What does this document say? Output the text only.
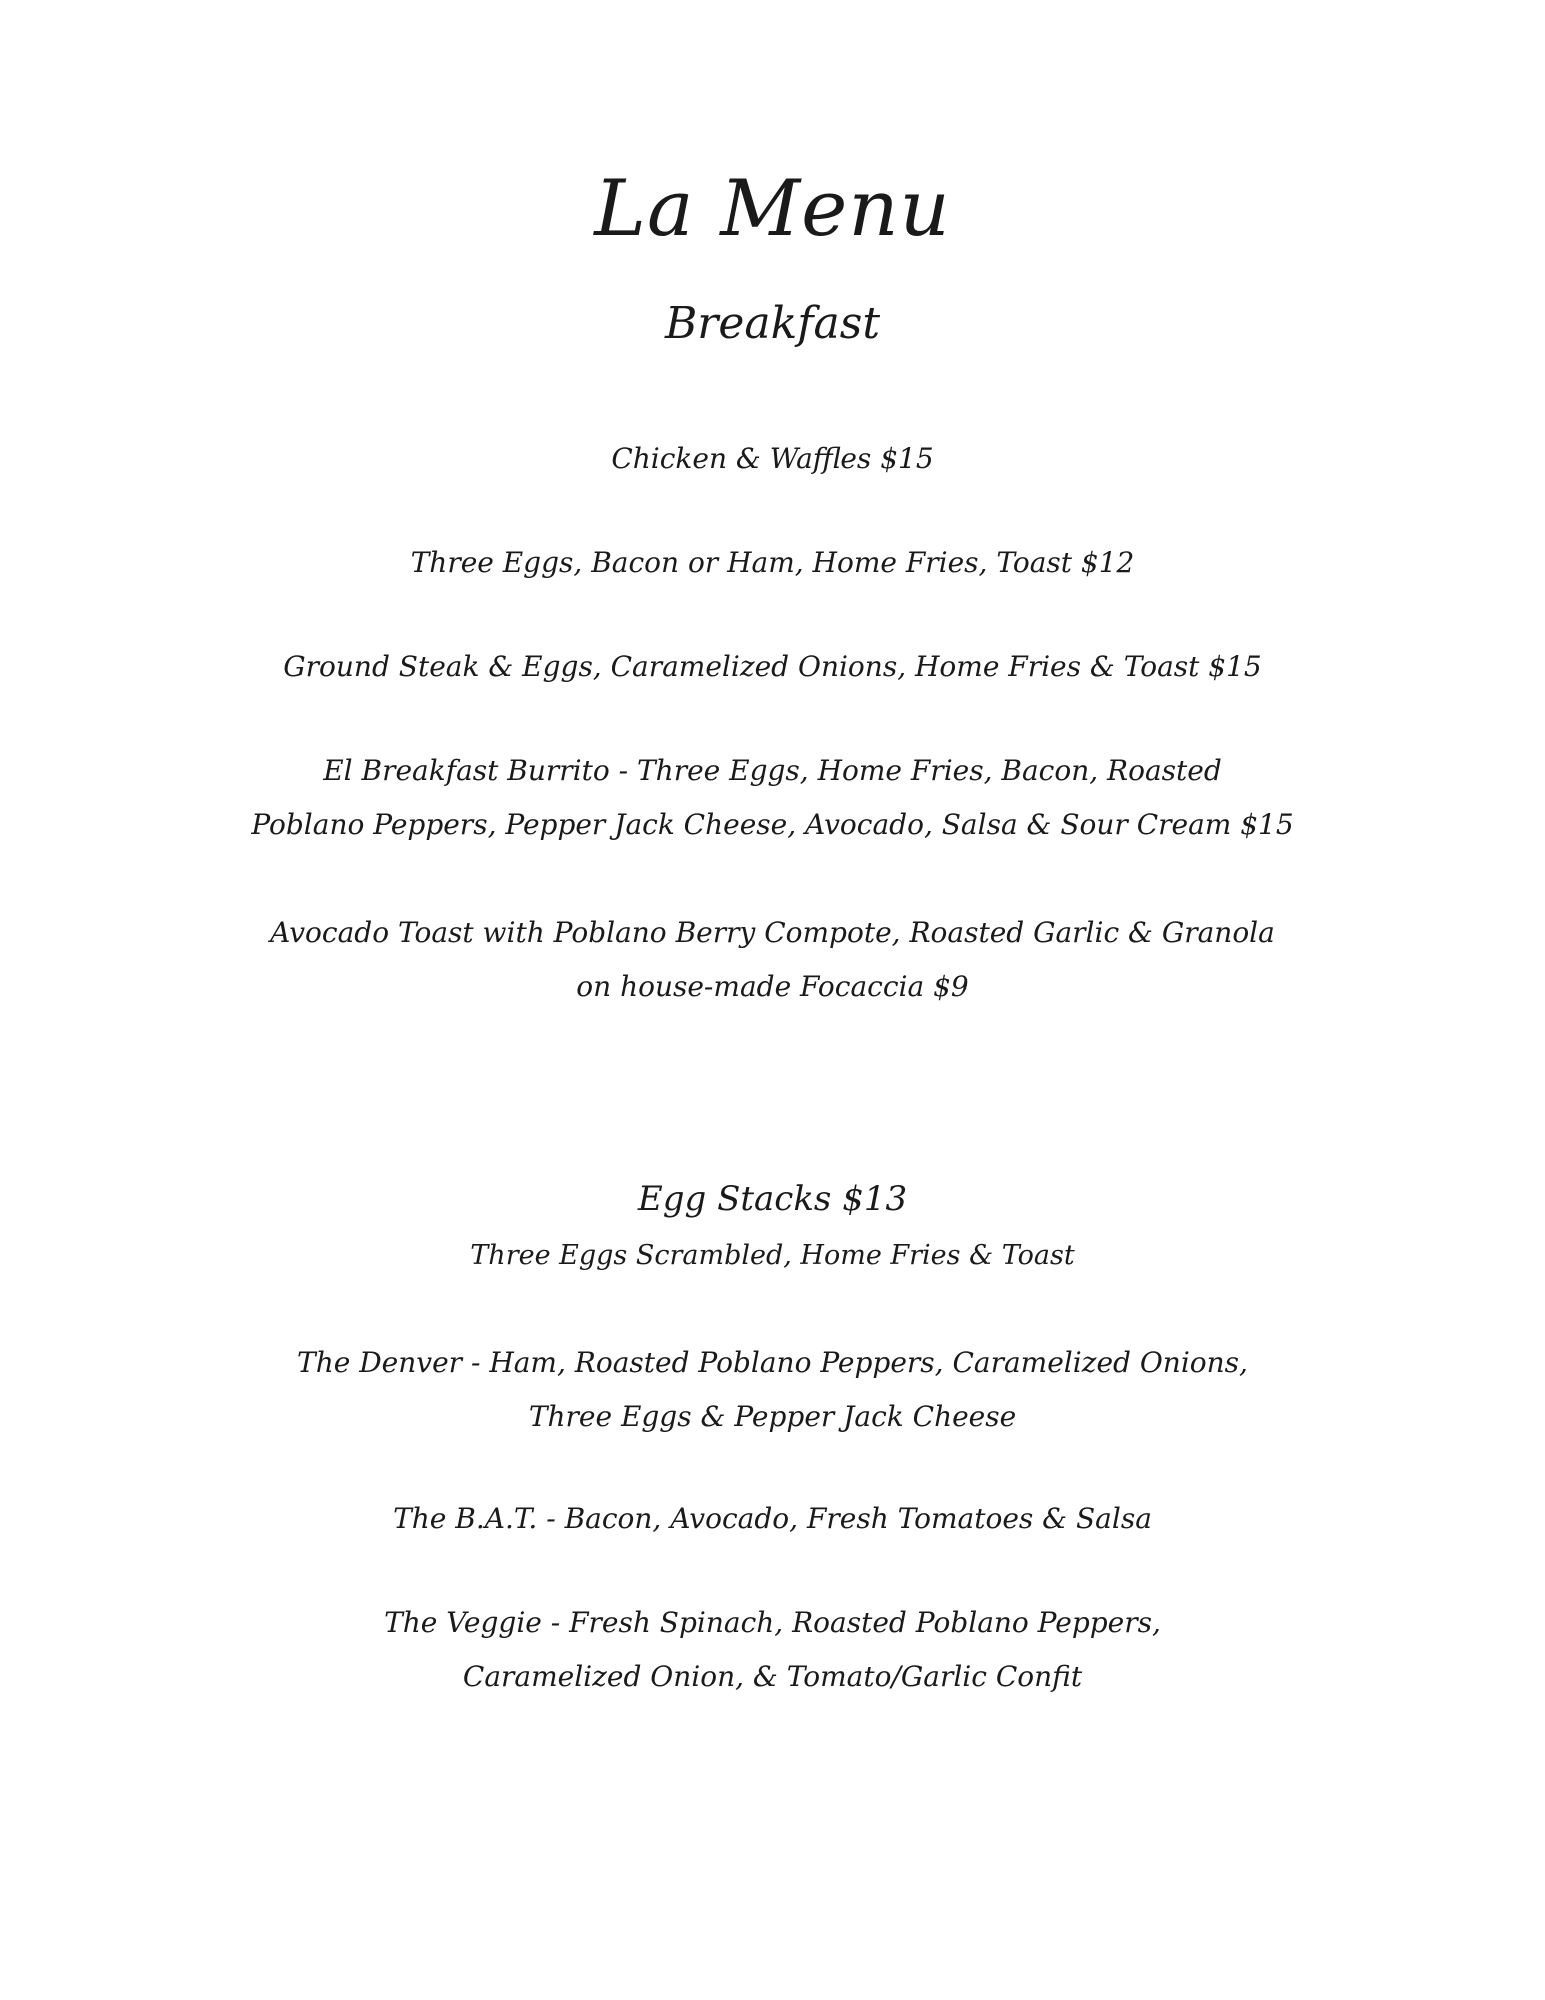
La Menu
Breakfast
Chicken & Waffles $15
Three Eggs, Bacon or Ham, Home Fries, Toast $12
Ground Steak & Eggs, Caramelized Onions, Home Fries & Toast $15
El Breakfast Burrito - Three Eggs, Home Fries, Bacon, Roasted
Poblano Peppers, Pepper Jack Cheese, Avocado, Salsa & Sour Cream $15
Avocado Toast with Poblano Berry Compote, Roasted Garlic & Granola
on house-made Focaccia $9
Egg Stacks $13
Three Eggs Scrambled, Home Fries & Toast
The Denver - Ham, Roasted Poblano Peppers, Caramelized Onions,
Three Eggs & Pepper Jack Cheese
The B.A.T. - Bacon, Avocado, Fresh Tomatoes & Salsa
The Veggie - Fresh Spinach, Roasted Poblano Peppers,
Caramelized Onion, & Tomato/Garlic Confit
